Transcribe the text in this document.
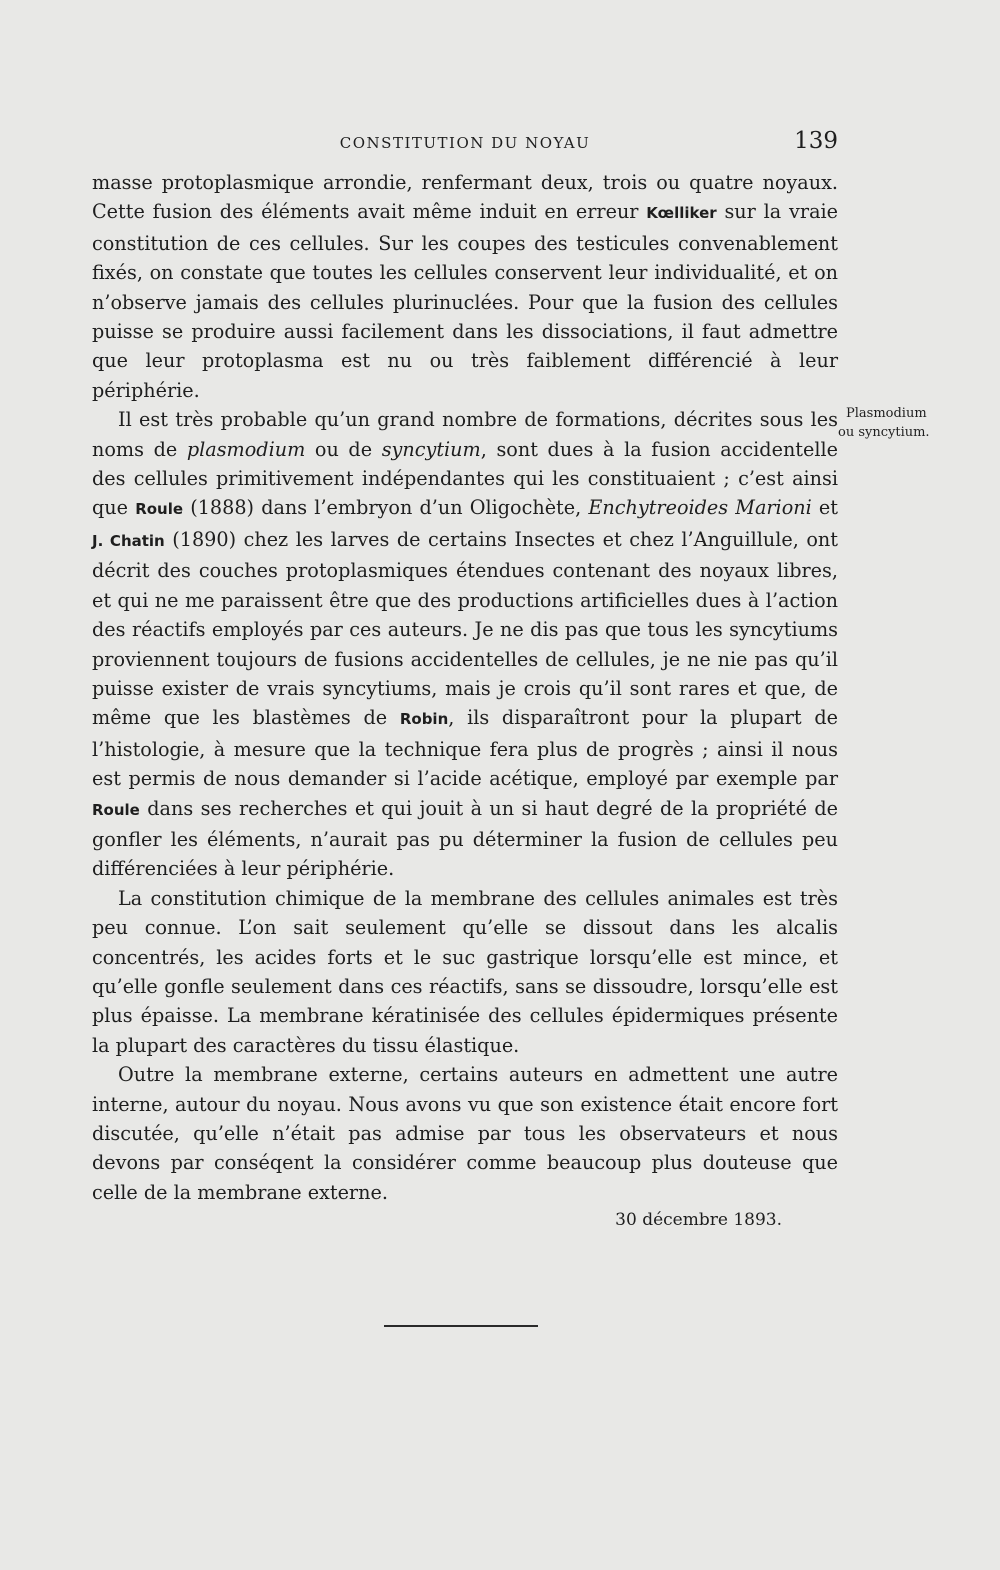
CONSTITUTION DU NOYAU	139

masse protoplasmique arrondie, renfermant deux, trois ou quatre noyaux. Cette fusion des éléments avait même induit en erreur Kœlliker sur la vraie constitution de ces cellules. Sur les coupes des testicules convenablement fixés, on constate que toutes les cellules conservent leur individualité, et on n’observe jamais des cellules plurinuclées. Pour que la fusion des cellules puisse se produire aussi facilement dans les dissociations, il faut admettre que leur protoplasma est nu ou très faiblement différencié à leur périphérie.

Il est très probable qu’un grand nombre de formations, décrites sous les noms de plasmodium ou de syncytium, sont dues à la fusion accidentelle des cellules primitivement indépendantes qui les constituaient ; c’est ainsi que Roule (1888) dans l’embryon d’un Oligochète, Enchytreoides Marioni et J. Chatin (1890) chez les larves de certains Insectes et chez l’Anguillule, ont décrit des couches protoplasmiques étendues contenant des noyaux libres, et qui ne me paraissent être que des productions artificielles dues à l’action des réactifs employés par ces auteurs. Je ne dis pas que tous les syncytiums proviennent toujours de fusions accidentelles de cellules, je ne nie pas qu’il puisse exister de vrais syncytiums, mais je crois qu’il sont rares et que, de même que les blastèmes de Robin, ils disparaîtront pour la plupart de l’histologie, à mesure que la technique fera plus de progrès ; ainsi il nous est permis de nous demander si l’acide acétique, employé par exemple par Roule dans ses recherches et qui jouit à un si haut degré de la propriété de gonfler les éléments, n’aurait pas pu déterminer la fusion de cellules peu différenciées à leur périphérie.

La constitution chimique de la membrane des cellules animales est très peu connue. L’on sait seulement qu’elle se dissout dans les alcalis concentrés, les acides forts et le suc gastrique lorsqu’elle est mince, et qu’elle gonfle seulement dans ces réactifs, sans se dissoudre, lorsqu’elle est plus épaisse. La membrane kératinisée des cellules épidermiques présente la plupart des caractères du tissu élastique.

Outre la membrane externe, certains auteurs en admettent une autre interne, autour du noyau. Nous avons vu que son existence était encore fort discutée, qu’elle n’était pas admise par tous les observateurs et nous devons par conséqent la considérer comme beaucoup plus douteuse que celle de la membrane externe.

Plasmodium
ou syncytium.
30 décembre 1893.
